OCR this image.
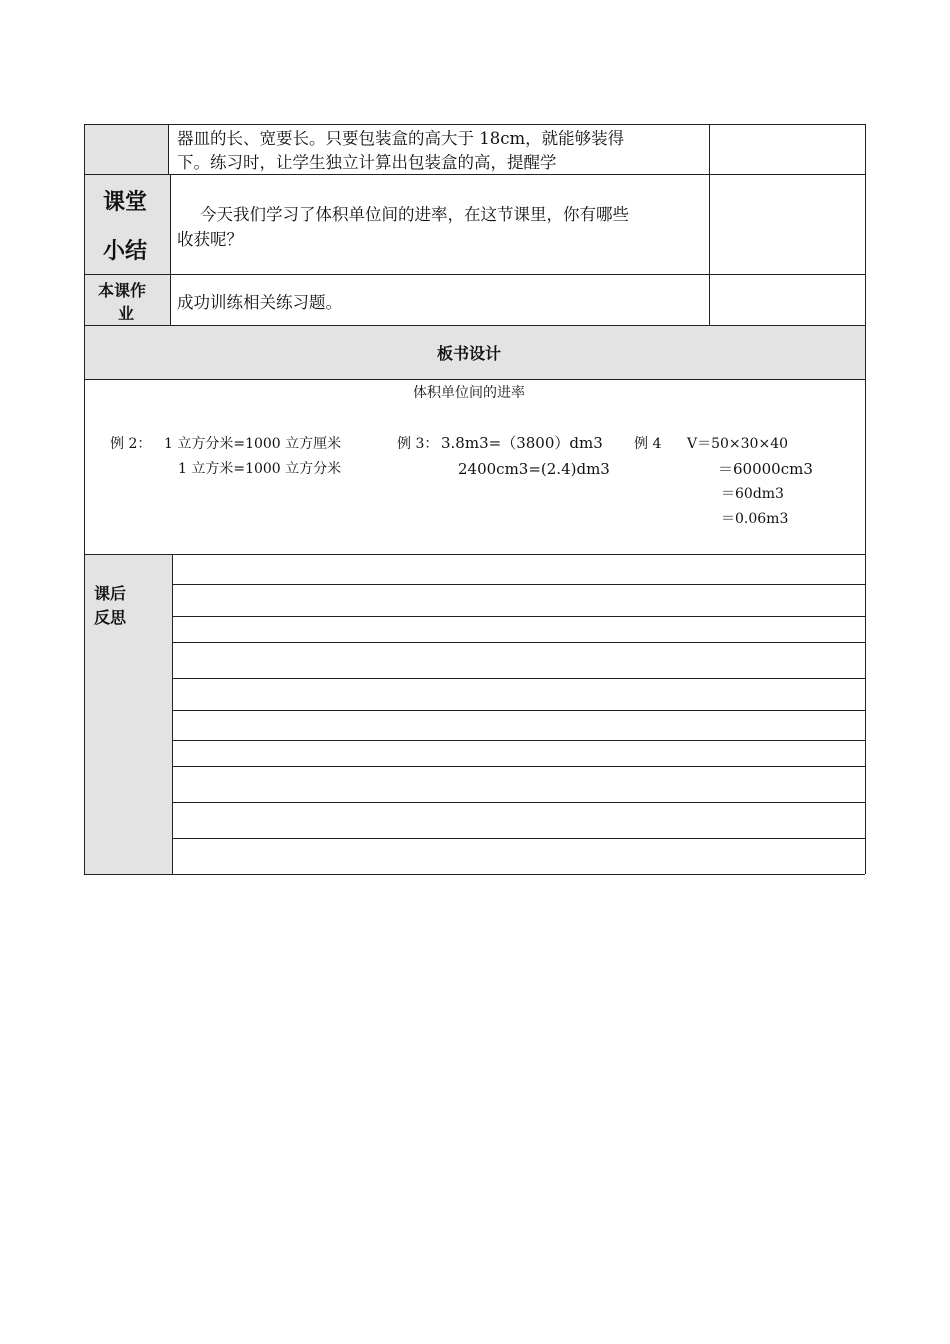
器皿的长、宽要长。只要包装盒的高大于 18cm，就能够装得
下。练习时，让学生独立计算出包装盒的高，提醒学
课堂
小结
今天我们学习了体积单位间的进率，在这节课里，你有哪些
收获呢？
本课作
业
成功训练相关练习题。
板书设计
体积单位间的进率
例 2： 1 立方分米=1000 立方厘米
1 立方米=1000 立方分米
例 3： 3.8m3=（3800）dm3
2400cm3=(2.4)dm3
例 4 V＝50×30×40
＝60000cm3
＝60dm3
＝0.06m3
课后
反思
